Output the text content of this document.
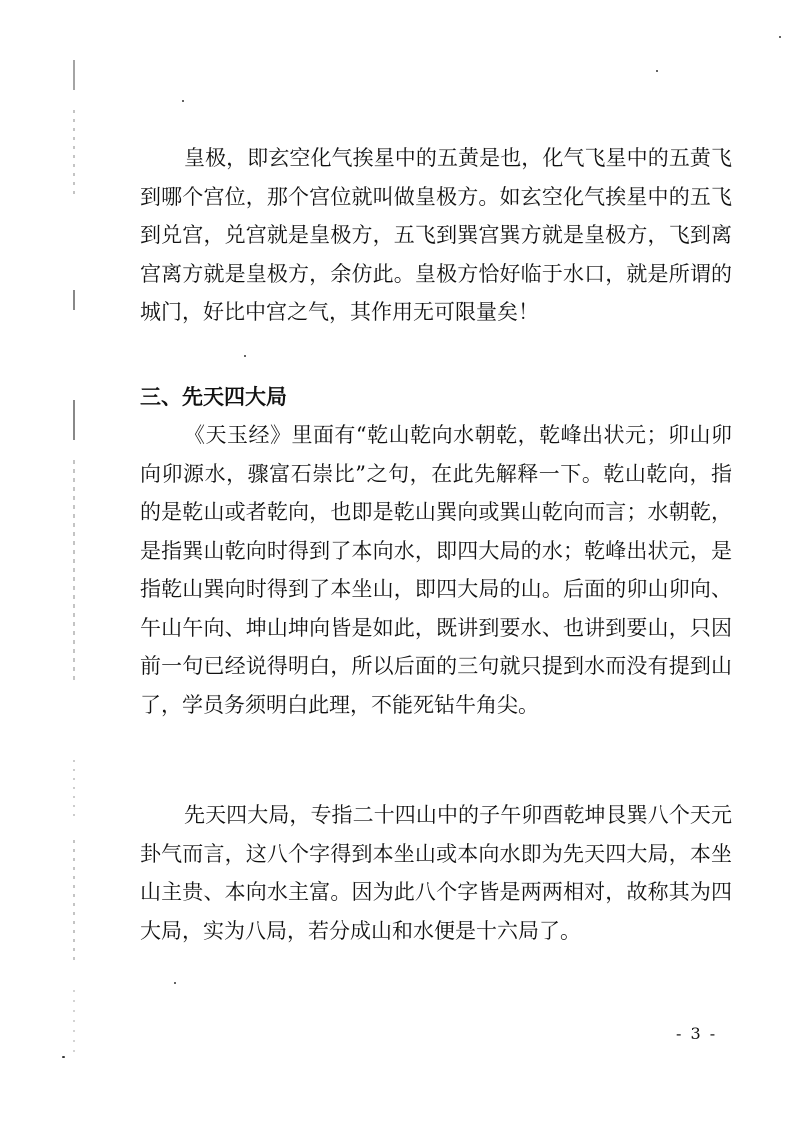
皇极，即玄空化气挨星中的五黄是也，化气飞星中的五黄飞到哪个宫位，那个宫位就叫做皇极方。如玄空化气挨星中的五飞到兑宫，兑宫就是皇极方，五飞到巽宫巽方就是皇极方，飞到离宫离方就是皇极方，余仿此。皇极方恰好临于水口，就是所谓的城门，好比中宫之气，其作用无可限量矣！

三、先天四大局

《天玉经》里面有“乾山乾向水朝乾，乾峰出状元；卯山卯向卯源水，骤富石崇比”之句，在此先解释一下。乾山乾向，指的是乾山或者乾向，也即是乾山巽向或巽山乾向而言；水朝乾，是指巽山乾向时得到了本向水，即四大局的水；乾峰出状元，是指乾山巽向时得到了本坐山，即四大局的山。后面的卯山卯向、午山午向、坤山坤向皆是如此，既讲到要水、也讲到要山，只因前一句已经说得明白，所以后面的三句就只提到水而没有提到山了，学员务须明白此理，不能死钻牛角尖。

先天四大局，专指二十四山中的子午卯酉乾坤艮巽八个天元卦气而言，这八个字得到本坐山或本向水即为先天四大局，本坐山主贵、本向水主富。因为此八个字皆是两两相对，故称其为四大局，实为八局，若分成山和水便是十六局了。

- 3 -
